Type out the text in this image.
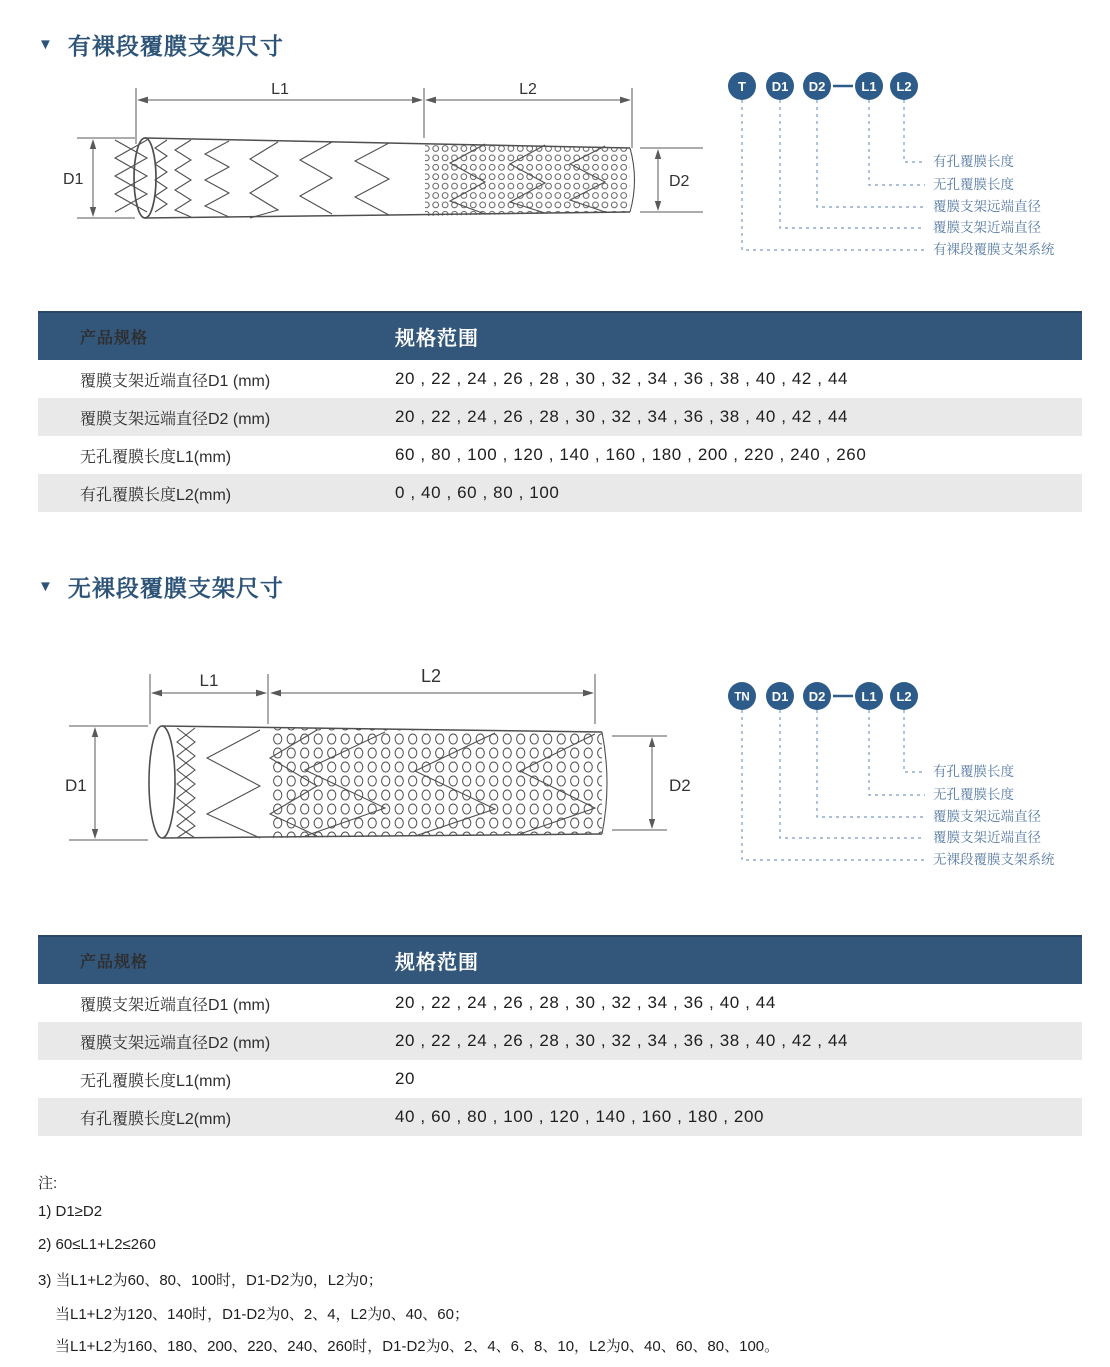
▼ 有裸段覆膜支架尺寸
L1	L2
D1	D2
T D1 D2	L1 L2
有孔覆膜长度
无孔覆膜长度
覆膜支架远端直径
覆膜支架近端直径
有裸段覆膜支架系统
产品规格	规格范围
覆膜支架近端直径D1 (mm)	20 , 22 , 24 , 26 , 28 , 30 , 32 , 34 , 36 , 38 , 40 , 42 , 44
覆膜支架远端直径D2 (mm)	20 , 22 , 24 , 26 , 28 , 30 , 32 , 34 , 36 , 38 , 40 , 42 , 44
无孔覆膜长度L1(mm)	60 , 80 , 100 , 120 , 140 , 160 , 180 , 200 , 220 , 240 , 260
有孔覆膜长度L2(mm)	0 , 40 , 60 , 80 , 100
▼ 无裸段覆膜支架尺寸
L1	L2
D1	D2
TN D1 D2	L1 L2
有孔覆膜长度
无孔覆膜长度
覆膜支架远端直径
覆膜支架近端直径
无裸段覆膜支架系统
产品规格	规格范围
覆膜支架近端直径D1 (mm)	20 , 22 , 24 , 26 , 28 , 30 , 32 , 34 , 36 , 40 , 44
覆膜支架远端直径D2 (mm)	20 , 22 , 24 , 26 , 28 , 30 , 32 , 34 , 36 , 38 , 40 , 42 , 44
无孔覆膜长度L1(mm)	20
有孔覆膜长度L2(mm)	40 , 60 , 80 , 100 , 120 , 140 , 160 , 180 , 200

注:

1) D1≥D2

2) 60≤L1+L2≤260

3) 当L1+L2为60、80、100时，D1-D2为0，L2为0；

当L1+L2为120、140时，D1-D2为0、2、4，L2为0、40、60；

当L1+L2为160、180、200、220、240、260时，D1-D2为0、2、4、6、8、10，L2为0、40、60、80、100。
